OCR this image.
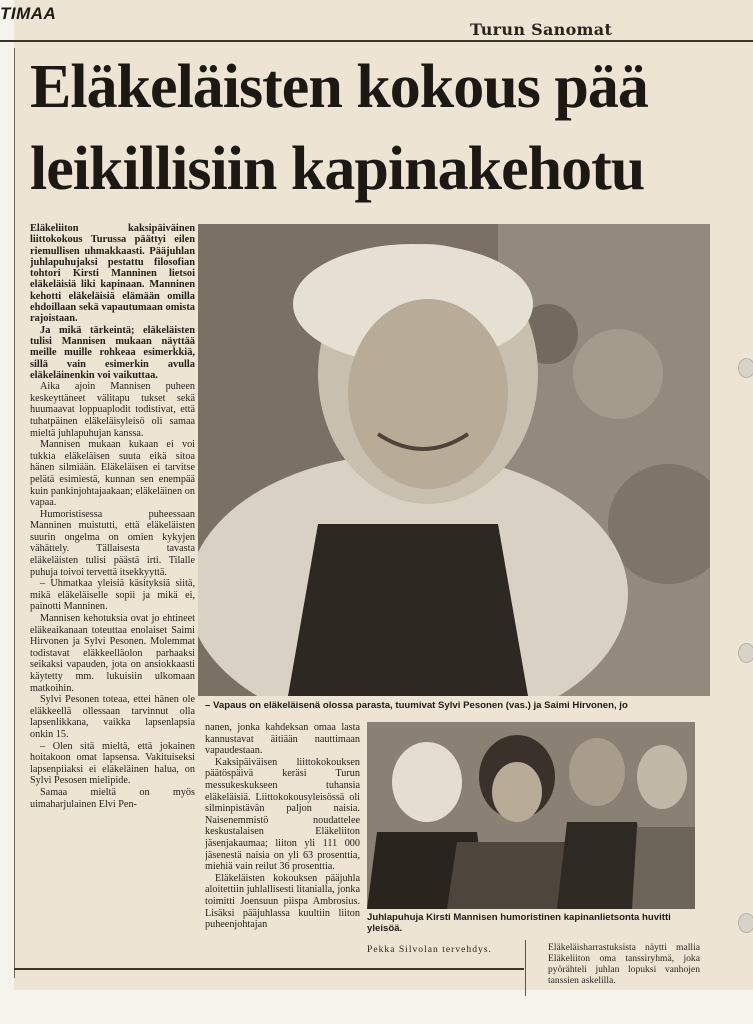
TIMAA
Turun Sanomat
Eläkeläisten kokous pää
leikillisiin kapinakehotu

Eläkeliiton kaksipäiväinen liittokokous Turussa päättyi eilen riemullisen uhmakkaasti. Pääjuhlan juhlapuhujaksi pestattu filosofian tohtori Kirsti Manninen lietsoi eläkeläisiä liki kapinaan. Manninen kehotti eläkeläisiä elämään omilla ehdoillaan sekä vapautumaan omista rajoistaan.

Ja mikä tärkeintä; eläkeläisten tulisi Mannisen mukaan näyttää meille muille rohkeaa esimerkkiä, sillä vain esimerkin avulla eläkeläinenkin voi vaikuttaa.

Aika ajoin Mannisen puheen keskeyttäneet välitapu tukset sekä huumaavat loppuaplodit todistivat, että tuhatpäinen eläkeläisyleisö oli samaa mieltä juhlapuhujan kanssa.

Mannisen mukaan kukaan ei voi tukkia eläkeläisen suuta eikä sitoa hänen silmiään. Eläkeläisen ei tarvitse pelätä esimiestä, kunnan sen enempää kuin pankinjohtajaakaan; eläkeläinen on vapaa.

Humoristisessa puheessaan Manninen muistutti, että eläkeläisten suurin ongelma on omien kykyjen vähättely. Tällaisesta tavasta eläkeläisten tulisi päästä irti. Tilalle puhuja toivoi tervettä itsekkyyttä.

– Uhmatkaa yleisiä käsityksiä siitä, mikä eläkeläiselle sopii ja mikä ei, painotti Manninen.

Mannisen kehotuksia ovat jo ehtineet eläkeaikanaan toteuttaa enolaiset Saimi Hirvonen ja Sylvi Pesonen. Molemmat todistavat eläkkeelläolon parhaaksi seikaksi vapauden, jota on ansiokkaasti käytetty mm. lukuisiin ulkomaan matkoihin.

Sylvi Pesonen toteaa, ettei hänen ole eläkkeellä ollessaan tarvinnut olla lapsenlikkana, vaikka lapsenlapsia onkin 15.

– Olen sitä mieltä, että jokainen hoitakoon omat lapsensa. Vakituiseksi lapsenpiiaksi ei eläkeläinen halua, on Sylvi Pesosen mielipide.

Samaa mieltä on myös uimaharjulainen Elvi Pen-

– Vapaus on eläkeläisenä olossa parasta, tuumivat Sylvi Pesonen (vas.) ja Saimi Hirvonen, jo

nanen, jonka kahdeksan omaa lasta kannustavat äitiään nauttimaan vapaudestaan.

Kaksipäiväisen liittokokouksen päätöspäivä keräsi Turun messukeskukseen tuhansia eläkeläisiä. Liittokokousyleisössä oli silminpistävän paljon naisia. Naisenemmistö noudattelee keskustalaisen Eläkeliiton jäsenjakaumaa; liiton yli 111 000 jäsenestä naisia on yli 63 prosenttia, miehiä vain reilut 36 prosenttia.

Eläkeläisten kokouksen pääjuhla aloitettiin juhlallisesti litanialla, jonka toimitti Joensuun piispa Ambrosius. Lisäksi pääjuhlassa kuultiin liiton puheenjohtajan

Juhlapuhuja Kirsti Mannisen humoristinen kapinanlietsonta huvitti yleisöä.
Pekka Silvolan tervehdys.	Eläkeläisharrastuksista näytti mallia Eläkeliiton oma tanssiryhmä, joka pyörähteli juhlan lopuksi vanhojen tanssien askelilla.
